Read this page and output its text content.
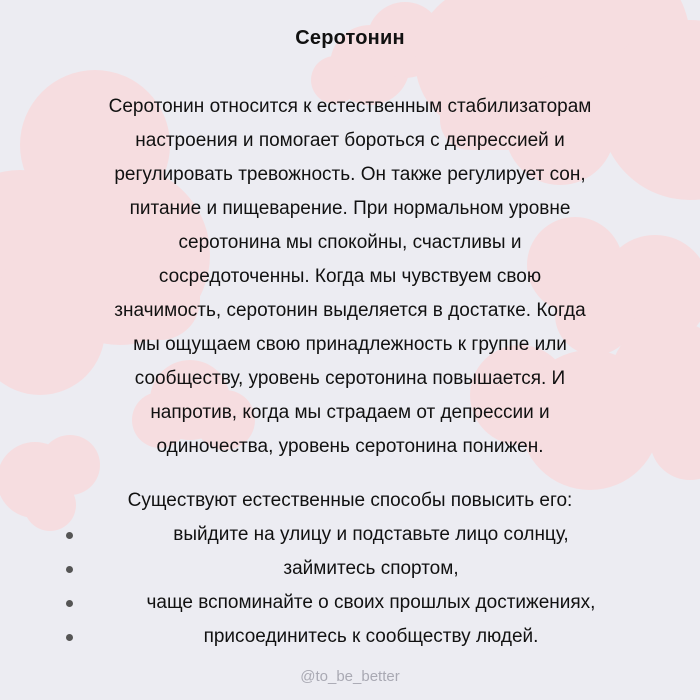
Серотонин
Серотонин относится к естественным стабилизаторам
настроения и помогает бороться с депрессией и
регулировать тревожность. Он также регулирует сон,
питание и пищеварение. При нормальном уровне
серотонина мы спокойны, счастливы и
сосредоточенны. Когда мы чувствуем свою
значимость, серотонин выделяется в достатке. Когда
мы ощущаем свою принадлежность к группе или
сообществу, уровень серотонина повышается. И
напротив, когда мы страдаем от депрессии и
одиночества, уровень серотонина понижен.
Существуют естественные способы повысить его:
выйдите на улицу и подставьте лицо солнцу,
займитесь спортом,
чаще вспоминайте о своих прошлых достижениях,
присоединитесь к сообществу людей.
@to_be_better
